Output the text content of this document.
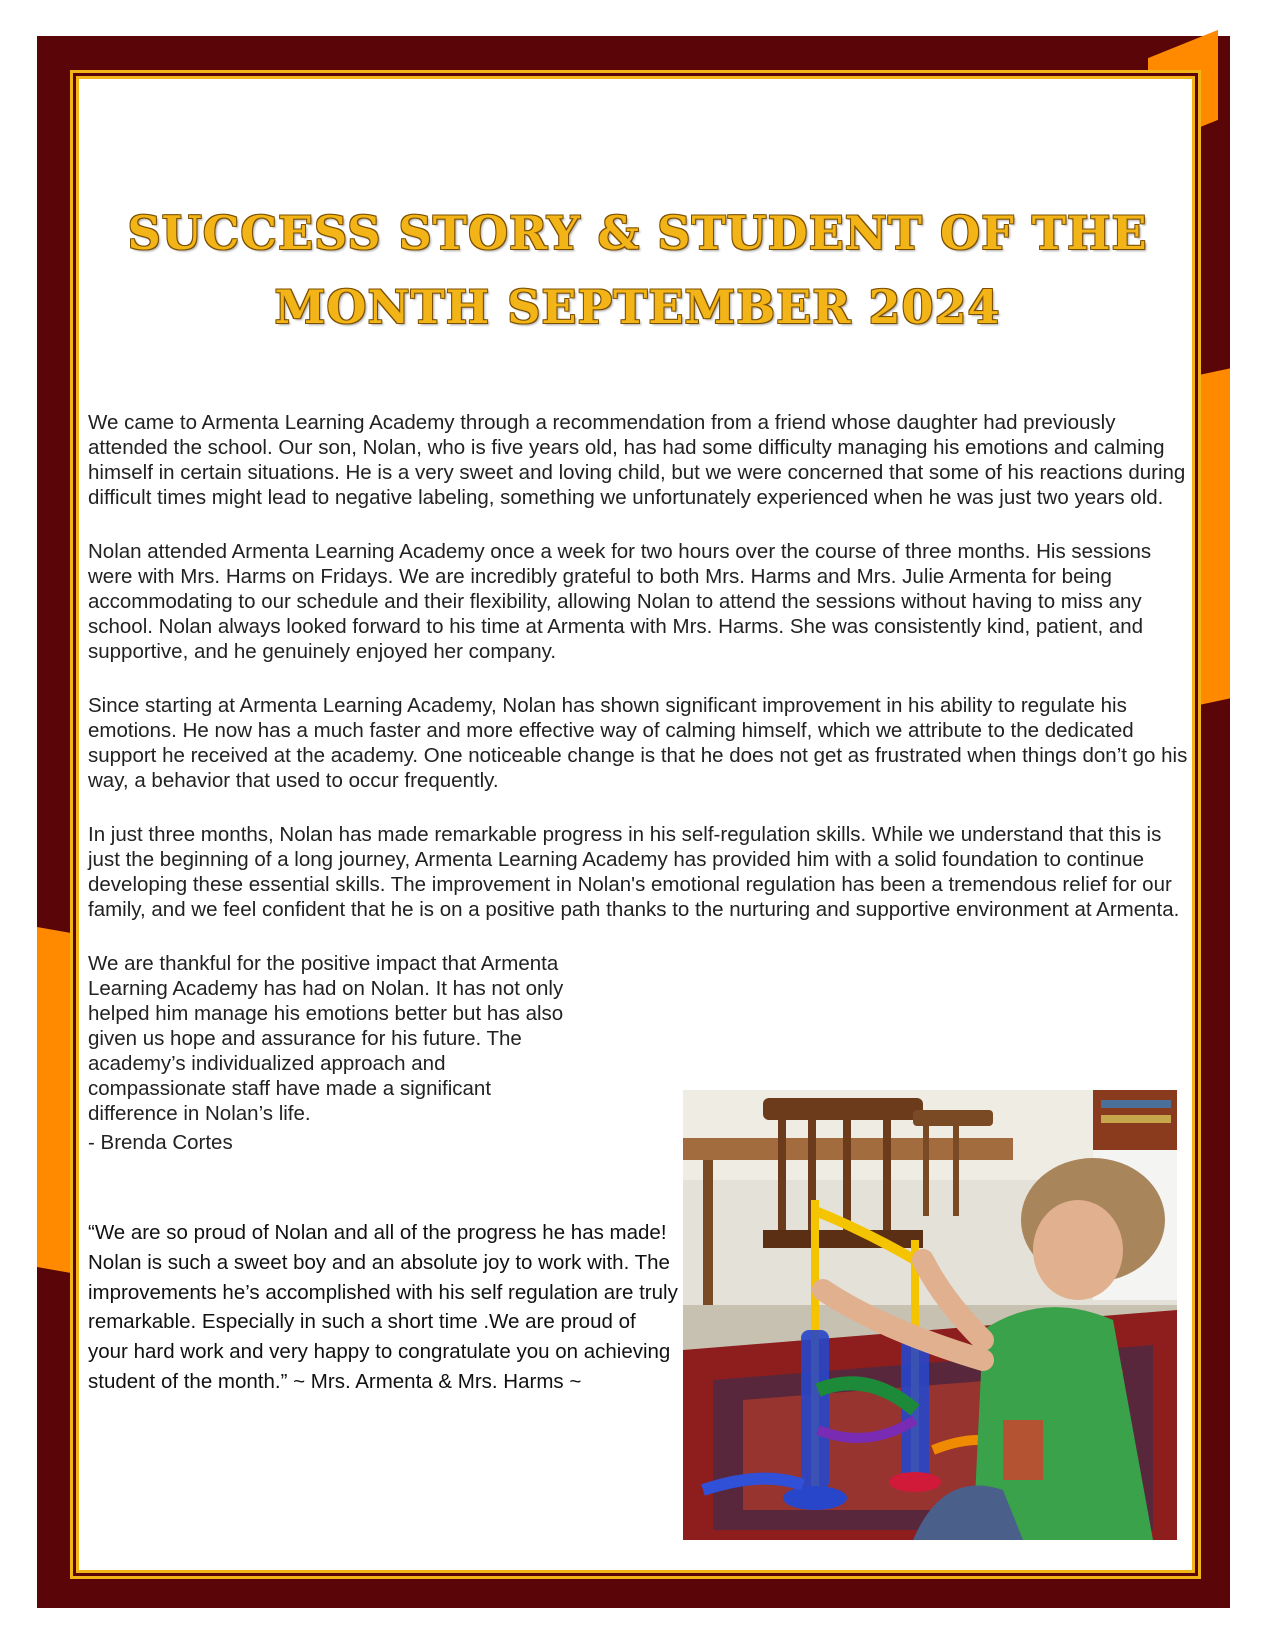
SUCCESS STORY & STUDENT OF THE MONTH SEPTEMBER 2024

We came to Armenta Learning Academy through a recommendation from a friend whose daughter had previously attended the school. Our son, Nolan, who is five years old, has had some difficulty managing his emotions and calming himself in certain situations. He is a very sweet and loving child, but we were concerned that some of his reactions during difficult times might lead to negative labeling, something we unfortunately experienced when he was just two years old.

Nolan attended Armenta Learning Academy once a week for two hours over the course of three months. His sessions were with Mrs. Harms on Fridays. We are incredibly grateful to both Mrs. Harms and Mrs. Julie Armenta for being accommodating to our schedule and their flexibility, allowing Nolan to attend the sessions without having to miss any school. Nolan always looked forward to his time at Armenta with Mrs. Harms. She was consistently kind, patient, and supportive, and he genuinely enjoyed her company.

Since starting at Armenta Learning Academy, Nolan has shown significant improvement in his ability to regulate his emotions. He now has a much faster and more effective way of calming himself, which we attribute to the dedicated support he received at the academy. One noticeable change is that he does not get as frustrated when things don’t go his way, a behavior that used to occur frequently.

In just three months, Nolan has made remarkable progress in his self-regulation skills. While we understand that this is just the beginning of a long journey, Armenta Learning Academy has provided him with a solid foundation to continue developing these essential skills. The improvement in Nolan's emotional regulation has been a tremendous relief for our family, and we feel confident that he is on a positive path thanks to the nurturing and supportive environment at Armenta.

We are thankful for the positive impact that Armenta Learning Academy has had on Nolan. It has not only helped him manage his emotions better but has also given us hope and assurance for his future. The academy’s individualized approach and compassionate staff have made a significant difference in Nolan’s life.

- Brenda Cortes

“We are so proud of Nolan and all of the progress he has made! Nolan is such a sweet boy and an absolute joy to work with. The improvements he’s accomplished with his self regulation are truly remarkable. Especially in such a short time .We are proud of your hard work and very happy to congratulate you on achieving student of the month.” ~ Mrs. Armenta & Mrs. Harms ~
